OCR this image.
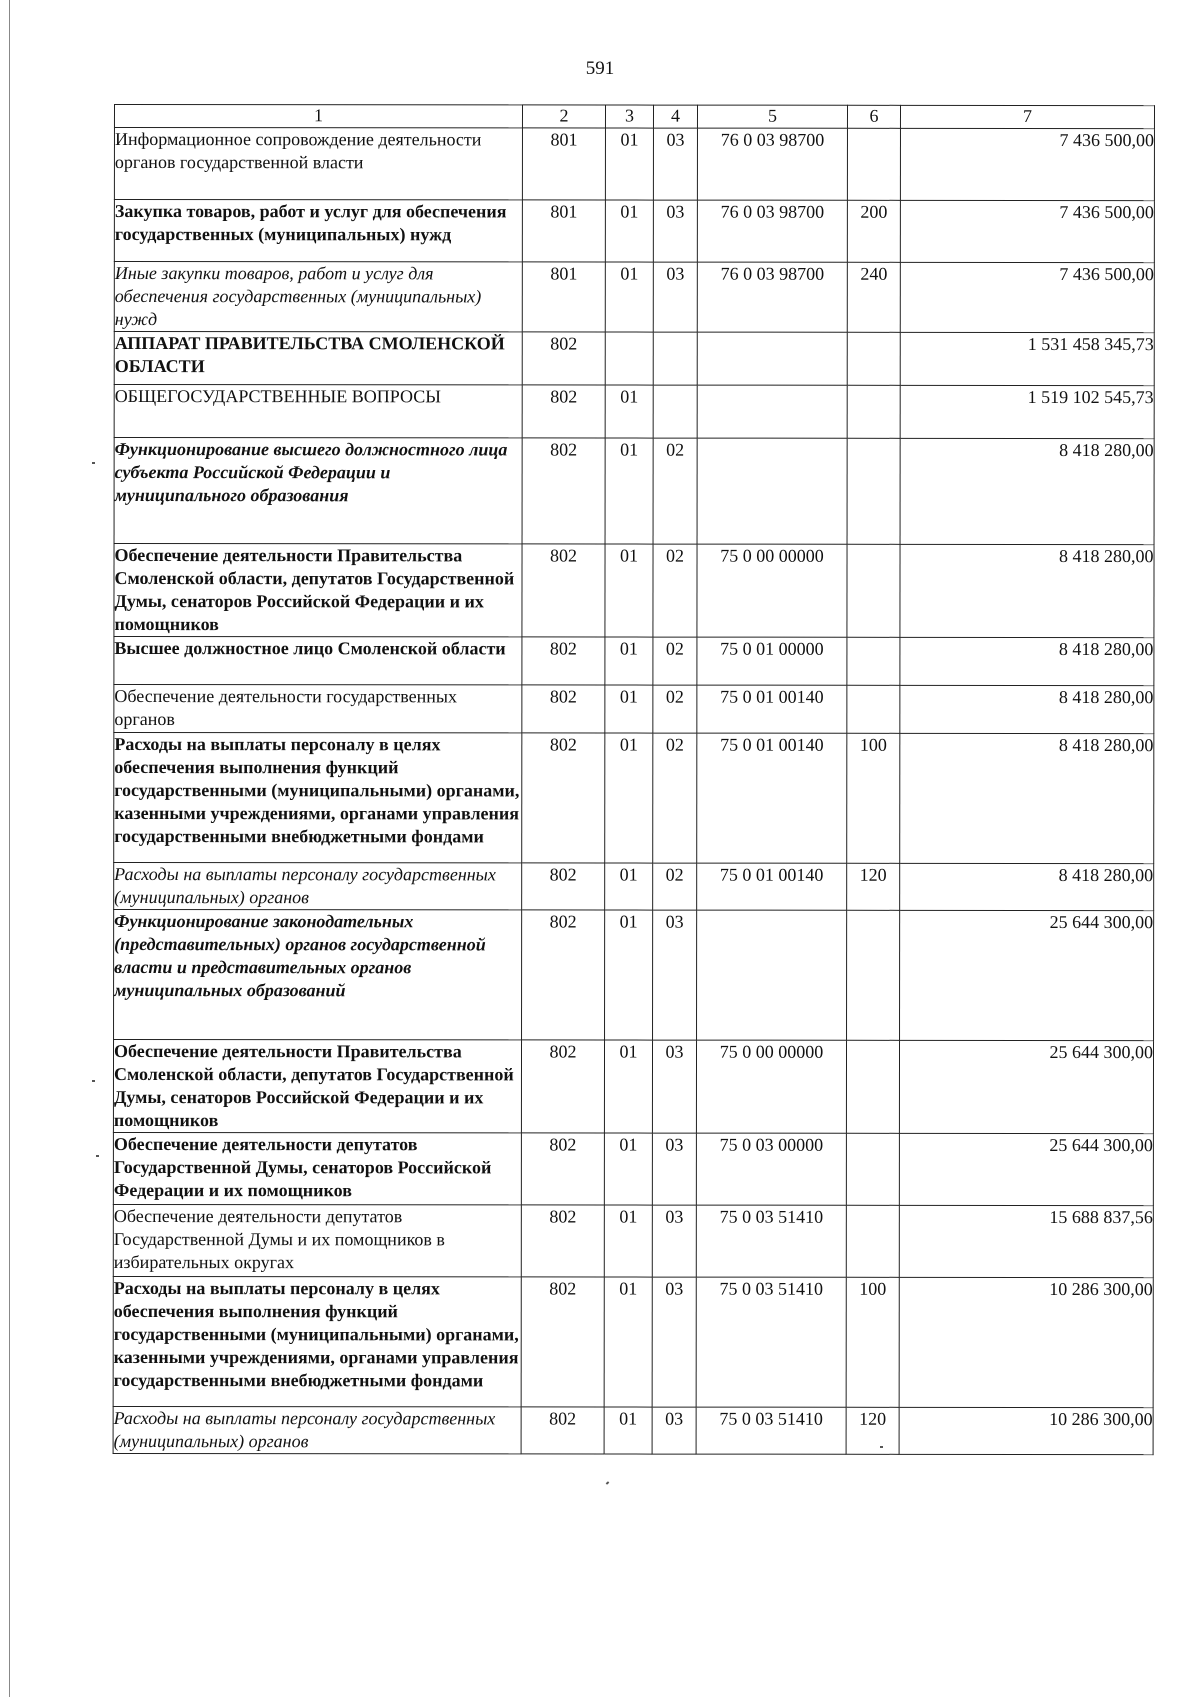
591
1	2	3	4	5	6	7
Информационное сопровождение деятельности органов государственной власти	801	01	03	76 0 03 98700		7 436 500,00
Закупка товаров, работ и услуг для обеспечения государственных (муниципальных) нужд	801	01	03	76 0 03 98700	200	7 436 500,00
Иные закупки товаров, работ и услуг для обеспечения государственных (муниципальных) нужд	801	01	03	76 0 03 98700	240	7 436 500,00
АППАРАТ ПРАВИТЕЛЬСТВА СМОЛЕНСКОЙ ОБЛАСТИ	802					1 531 458 345,73
ОБЩЕГОСУДАРСТВЕННЫЕ ВОПРОСЫ	802	01				1 519 102 545,73
Функционирование высшего должностного лица субъекта Российской Федерации и муниципального образования	802	01	02			8 418 280,00
Обеспечение деятельности Правительства Смоленской области, депутатов Государственной Думы, сенаторов Российской Федерации и их помощников	802	01	02	75 0 00 00000		8 418 280,00
Высшее должностное лицо Смоленской области	802	01	02	75 0 01 00000		8 418 280,00
Обеспечение деятельности государственных органов	802	01	02	75 0 01 00140		8 418 280,00
Расходы на выплаты персоналу в целях обеспечения выполнения функций государственными (муниципальными) органами, казенными учреждениями, органами управления государственными внебюджетными фондами	802	01	02	75 0 01 00140	100	8 418 280,00
Расходы на выплаты персоналу государственных (муниципальных) органов	802	01	02	75 0 01 00140	120	8 418 280,00
Функционирование законодательных (представительных) органов государственной власти и представительных органов муниципальных образований	802	01	03			25 644 300,00
Обеспечение деятельности Правительства Смоленской области, депутатов Государственной Думы, сенаторов Российской Федерации и их помощников	802	01	03	75 0 00 00000		25 644 300,00
Обеспечение деятельности депутатов Государственной Думы, сенаторов Российской Федерации и их помощников	802	01	03	75 0 03 00000		25 644 300,00
Обеспечение деятельности депутатов Государственной Думы и их помощников в избирательных округах	802	01	03	75 0 03 51410		15 688 837,56
Расходы на выплаты персоналу в целях обеспечения выполнения функций государственными (муниципальными) органами, казенными учреждениями, органами управления государственными внебюджетными фондами	802	01	03	75 0 03 51410	100	10 286 300,00
Расходы на выплаты персоналу государственных (муниципальных) органов	802	01	03	75 0 03 51410	120	10 286 300,00
